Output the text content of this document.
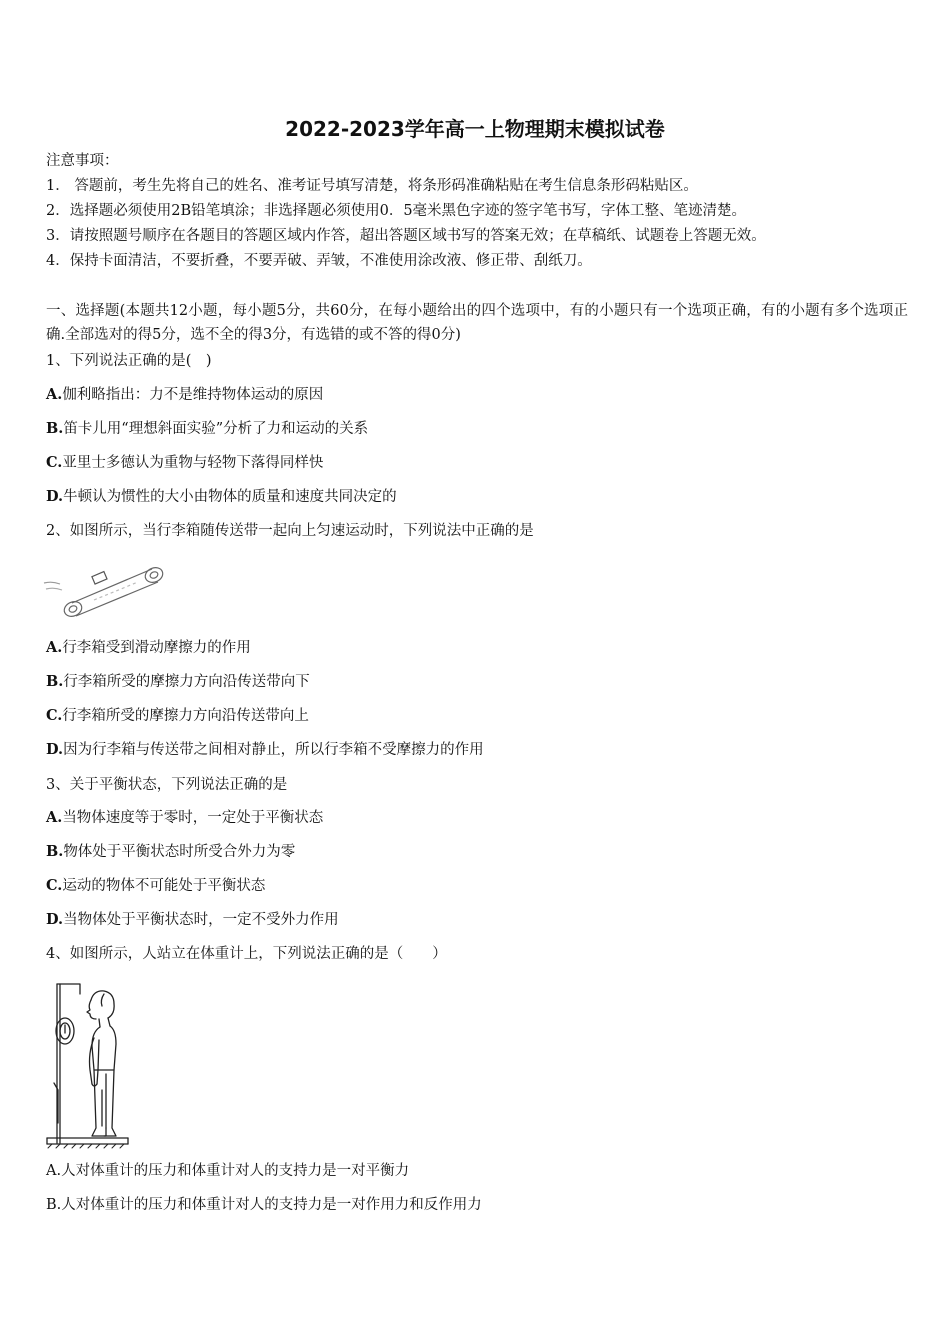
2022-2023学年高一上物理期末模拟试卷
注意事项：
1． 答题前，考生先将自己的姓名、准考证号填写清楚，将条形码准确粘贴在考生信息条形码粘贴区。
2．选择题必须使用2B铅笔填涂；非选择题必须使用0．5毫米黑色字迹的签字笔书写，字体工整、笔迹清楚。
3．请按照题号顺序在各题目的答题区域内作答，超出答题区域书写的答案无效；在草稿纸、试题卷上答题无效。
4．保持卡面清洁，不要折叠，不要弄破、弄皱，不准使用涂改液、修正带、刮纸刀。
一、选择题(本题共12小题，每小题5分，共60分，在每小题给出的四个选项中，有的小题只有一个选项正确，有的小题有多个选项正确.全部选对的得5分，选不全的得3分，有选错的或不答的得0分)
1、下列说法正确的是(　)
A.伽利略指出：力不是维持物体运动的原因
B.笛卡儿用“理想斜面实验”分析了力和运动的关系
C.亚里士多德认为重物与轻物下落得同样快
D.牛顿认为惯性的大小由物体的质量和速度共同决定的
2、如图所示，当行李箱随传送带一起向上匀速运动时，下列说法中正确的是
A.行李箱受到滑动摩擦力的作用
B.行李箱所受的摩擦力方向沿传送带向下
C.行李箱所受的摩擦力方向沿传送带向上
D.因为行李箱与传送带之间相对静止，所以行李箱不受摩擦力的作用
3、关于平衡状态，下列说法正确的是
A.当物体速度等于零时，一定处于平衡状态
B.物体处于平衡状态时所受合外力为零
C.运动的物体不可能处于平衡状态
D.当物体处于平衡状态时，一定不受外力作用
4、如图所示，人站立在体重计上，下列说法正确的是（　　）
A.人对体重计的压力和体重计对人的支持力是一对平衡力
B.人对体重计的压力和体重计对人的支持力是一对作用力和反作用力
